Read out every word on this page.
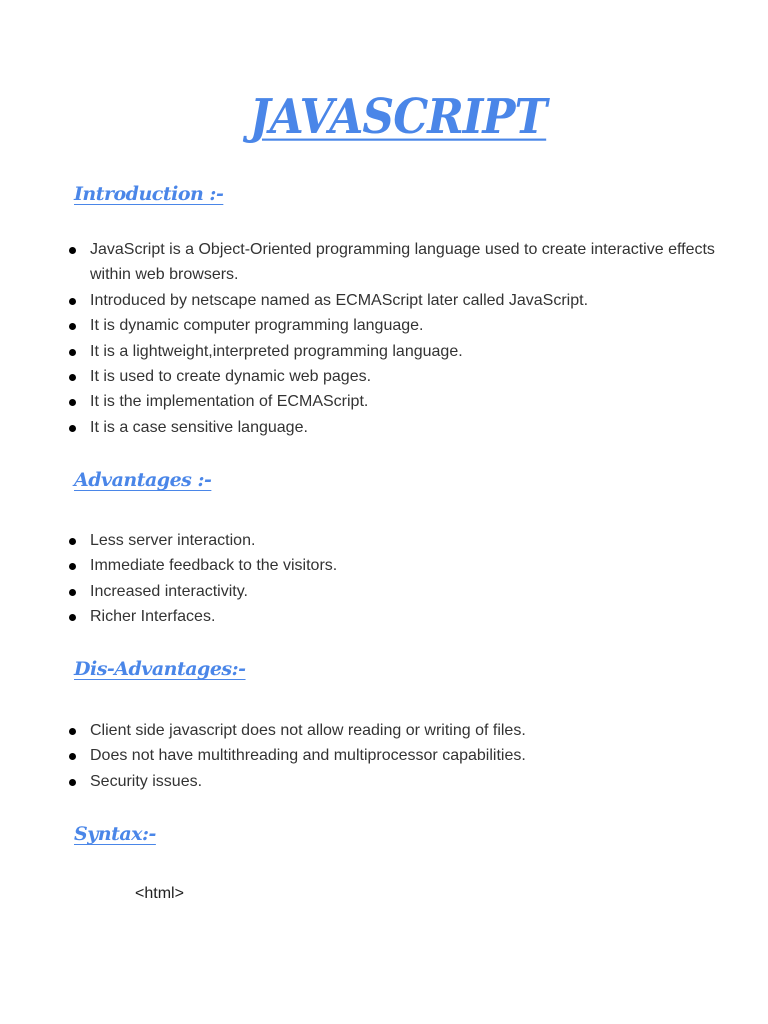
JAVASCRIPT
Introduction :-
JavaScript is a Object-Oriented programming language used to create interactive effects within web browsers.
Introduced by netscape named as ECMAScript later called JavaScript.
It is dynamic computer programming language.
It is a lightweight,interpreted programming language.
It is used to create dynamic web pages.
It is the implementation of ECMAScript.
It is a case sensitive language.
Advantages :-
Less server interaction.
Immediate feedback to the visitors.
Increased interactivity.
Richer Interfaces.
Dis-Advantages:-
Client side javascript does not allow reading or writing of files.
Does not have multithreading and multiprocessor capabilities.
Security issues.
Syntax:-
<html>
